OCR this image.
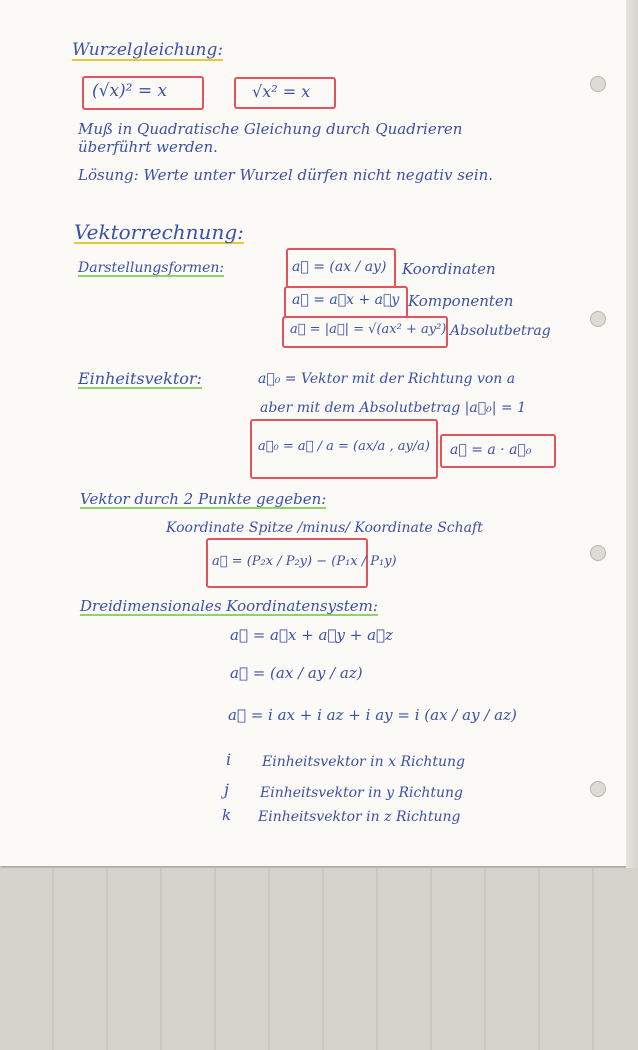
Wurzelgleichung:
(√x)² = x	√x² = x
Muß in Quadratische Gleichung durch Quadrieren
überführt werden.
Lösung: Werte unter Wurzel dürfen nicht negativ sein.
Vektorrechnung:
Darstellungsformen:	a⃗ = (ax / ay) Koordinaten
a⃗ = a⃗x + a⃗y Komponenten
a⃗ = |a⃗| = √(ax² + ay²) Absolutbetrag
Einheitsvektor:	a⃗₀ = Vektor mit der Richtung von a
aber mit dem Absolutbetrag |a⃗₀| = 1
a⃗₀ = a⃗ / a = (ax/a , ay/a) a⃗ = a · a⃗₀
Vektor durch 2 Punkte gegeben:
Koordinate Spitze /minus/ Koordinate Schaft
a⃗ = (P₂x / P₂y) − (P₁x / P₁y)
Dreidimensionales Koordinatensystem:
a⃗ = a⃗x + a⃗y + a⃗z
a⃗ = (ax / ay / az)
a⃗ = i ax + i az + i ay = i (ax / ay / az)
i Einheitsvektor in x Richtung
j Einheitsvektor in y Richtung
k Einheitsvektor in z Richtung
